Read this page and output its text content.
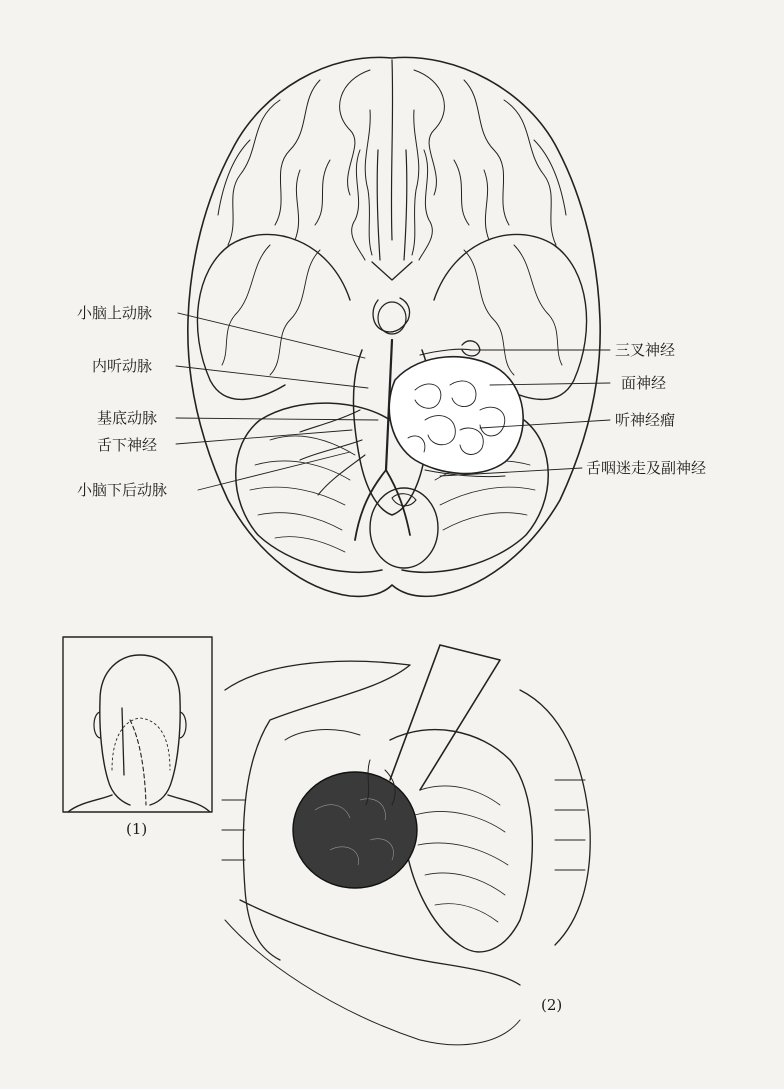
小脑上动脉
内听动脉
基底动脉
舌下神经
小脑下后动脉
三叉神经
面神经
听神经瘤
舌咽迷走及副神经
(1)
(2)
